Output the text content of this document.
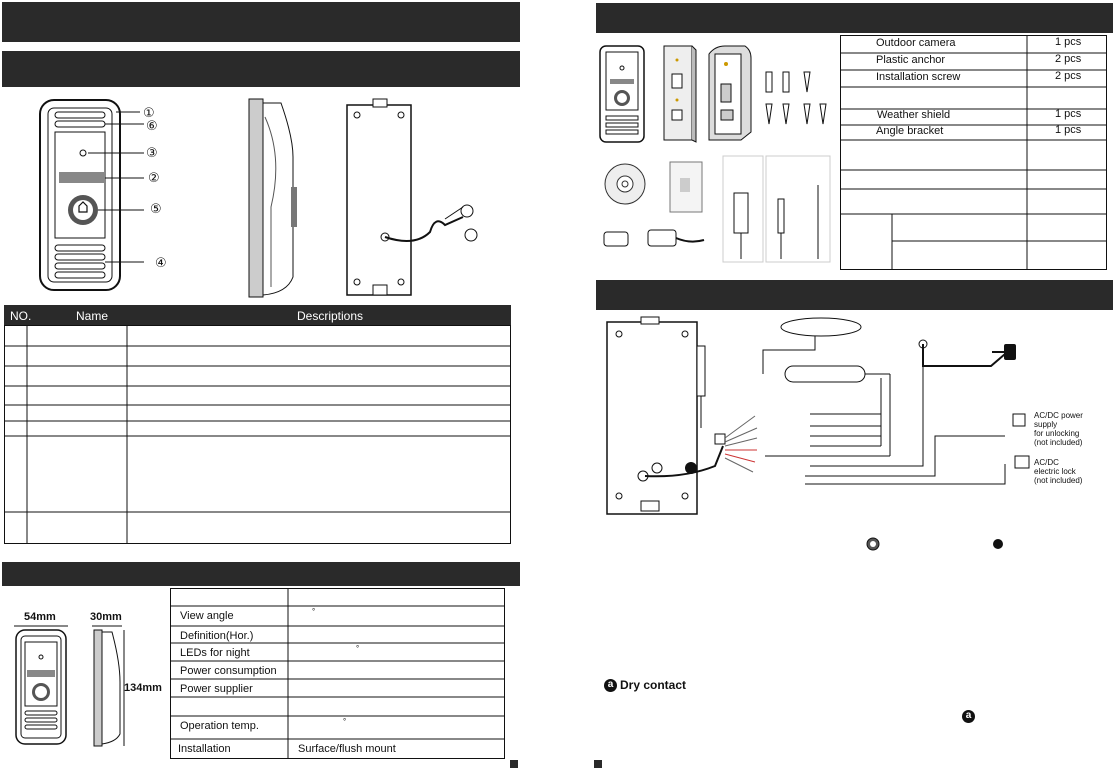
①
⑥
③
②
⑤
④
NO.	Name	Descriptions
54mm	30mm
134mm
View angle	°
Definition(Hor.)
LEDs for night	°
Power consumption
Power supplier
Operation temp.	°
Installation	Surface/flush mount
Outdoor camera	1 pcs
Plastic anchor	2 pcs
Installation screw	2 pcs
Weather shield	1 pcs
Angle bracket	1 pcs
AC/DC power
supply
for unlocking
(not included)
AC/DC
electric lock
(not included)
a Dry contact
a
